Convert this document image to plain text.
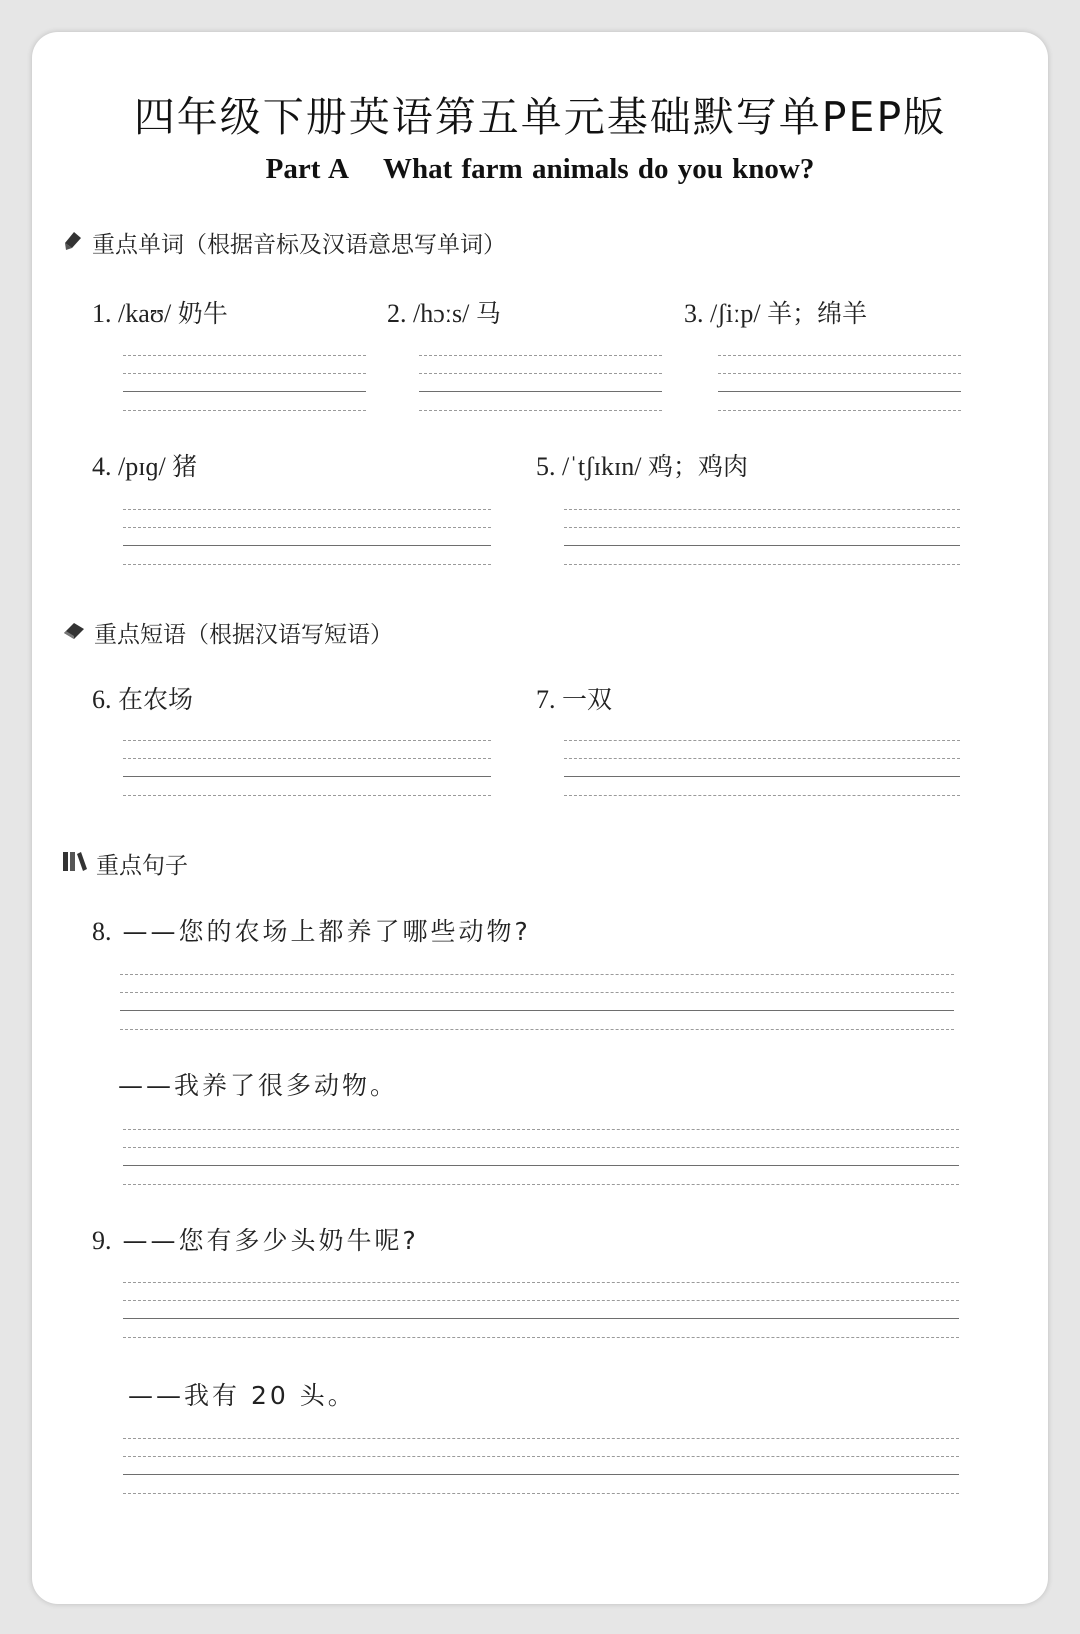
四年级下册英语第五单元基础默写单PEP版
Part A What farm animals do you know?
重点单词（根据音标及汉语意思写单词）
1. /kaʊ/ 奶牛	2. /hɔːs/ 马	3. /ʃiːp/ 羊；绵羊
4. /pɪɡ/ 猪	5. /ˈtʃɪkɪn/ 鸡；鸡肉
重点短语（根据汉语写短语）
6. 在农场	7. 一双
重点句子
8. ——您的农场上都养了哪些动物?
——我养了很多动物。
9. ——您有多少头奶牛呢?
——我有 20 头。
